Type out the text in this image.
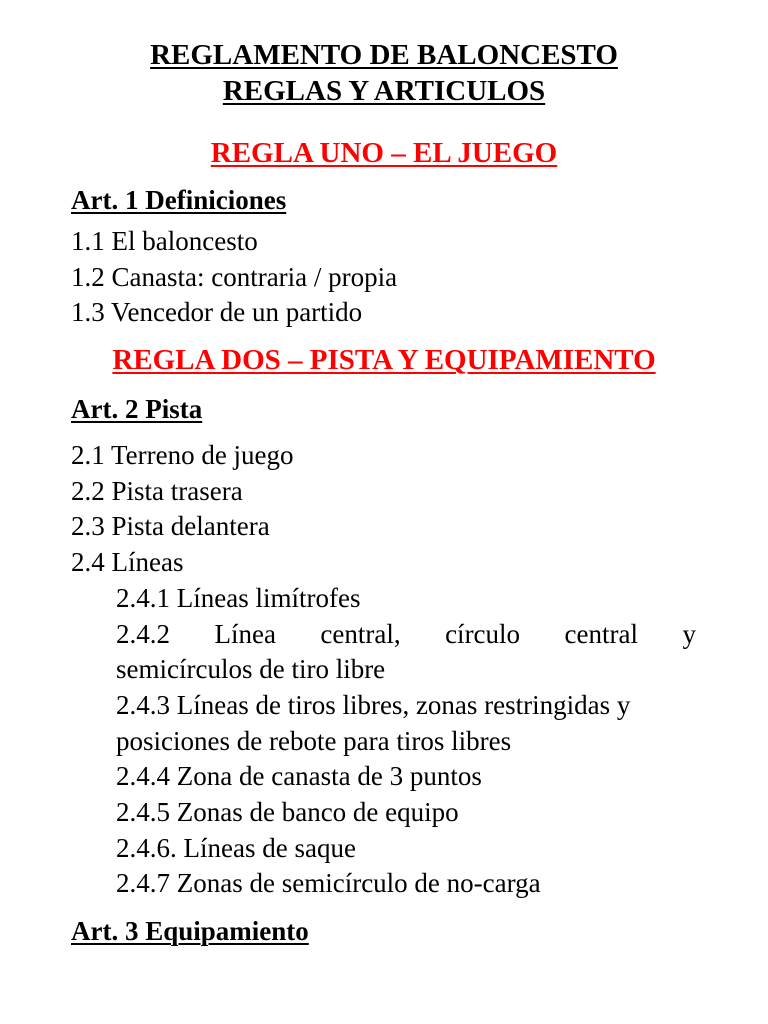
REGLAMENTO DE BALONCESTO
REGLAS Y ARTICULOS
REGLA UNO – EL JUEGO
Art. 1 Definiciones
1.1 El baloncesto
1.2 Canasta: contraria / propia
1.3 Vencedor de un partido
REGLA DOS – PISTA Y EQUIPAMIENTO
Art. 2 Pista
2.1 Terreno de juego
2.2 Pista trasera
2.3 Pista delantera
2.4 Líneas
2.4.1 Líneas limítrofes
2.4.2 Línea central, círculo central y
semicírculos de tiro libre
2.4.3 Líneas de tiros libres, zonas restringidas y
posiciones de rebote para tiros libres
2.4.4 Zona de canasta de 3 puntos
2.4.5 Zonas de banco de equipo
2.4.6. Líneas de saque
2.4.7 Zonas de semicírculo de no-carga
Art. 3 Equipamiento
